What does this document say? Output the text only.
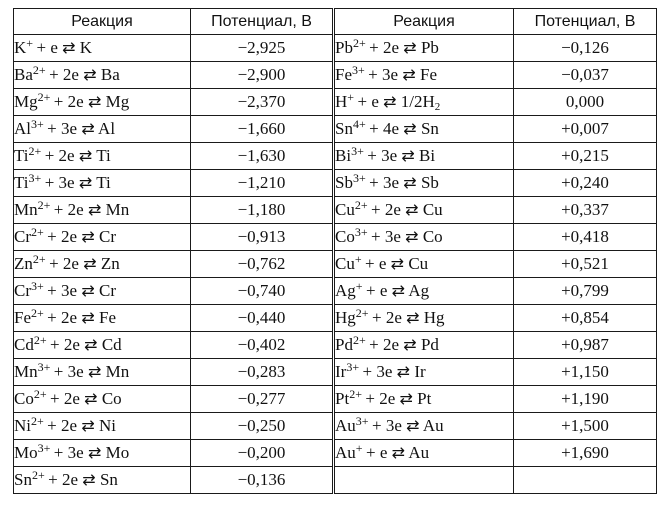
Реакция	Потенциал, В	Реакция	Потенциал, В
K+ + e ⇄ K	−2,925	$Pb^{2+} + 2e$ ⇄ Pb	−0,126
$Ba^{2+} + 2e$ ⇄ Ba	−2,900	$Fe^{3+} + 3e$ ⇄ Fe	−0,037
$Mg^{2+} + 2e$ ⇄ Mg	−2,370	H+ + e ⇄ $1/2H_2$	0,000
$Al^{3+} + 3e$ ⇄ Al	−1,660	$Sn^{4+} + 4e$ ⇄ Sn	+0,007
$Ti^{2+} + 2e$ ⇄ Ti	−1,630	$Bi^{3+} + 3e$ ⇄ Bi	+0,215
$Ti^{3+} + 3e$ ⇄ Ti	−1,210	$Sb^{3+} + 3e$ ⇄ Sb	+0,240
$Mn^{2+} + 2e$ ⇄ Mn	−1,180	$Cu^{2+} + 2e$ ⇄ Cu	+0,337
$Cr^{2+} + 2e$ ⇄ Cr	−0,913	$Co^{3+} + 3e$ ⇄ Co	+0,418
$Zn^{2+} + 2e$ ⇄ Zn	−0,762	Cu+ + e ⇄ Cu	+0,521
$Cr^{3+} + 3e$ ⇄ Cr	−0,740	Ag+ + e ⇄ Ag	+0,799
$Fe^{2+} + 2e$ ⇄ Fe	−0,440	$Hg^{2+} + 2e$ ⇄ Hg	+0,854
$Cd^{2+} + 2e$ ⇄ Cd	−0,402	$Pd^{2+} + 2e$ ⇄ Pd	+0,987
$Mn^{3+} + 3e$ ⇄ Mn	−0,283	$Ir^{3+} + 3e$ ⇄ Ir	+1,150
$Co^{2+} + 2e$ ⇄ Co	−0,277	$Pt^{2+} + 2e$ ⇄ Pt	+1,190
$Ni^{2+} + 2e$ ⇄ Ni	−0,250	$Au^{3+} + 3e$ ⇄ Au	+1,500
$Mo^{3+} + 3e$ ⇄ Mo	−0,200	Au+ + e ⇄ Au	+1,690
$Sn^{2+} + 2e$ ⇄ Sn	−0,136		
